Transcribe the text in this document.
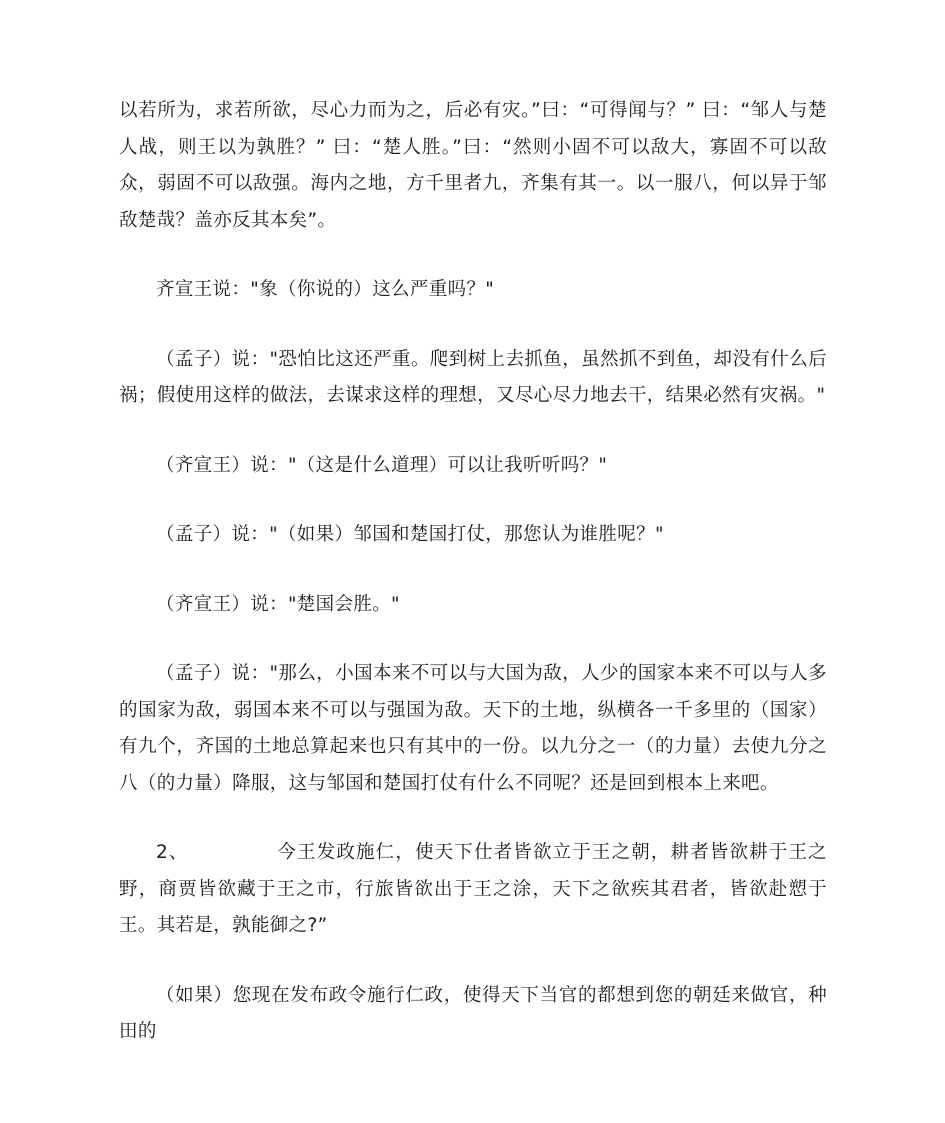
以若所为，求若所欲，尽心力而为之，后必有灾。”曰：“可得闻与？” 曰：“邹人与楚人战，则王以为孰胜？” 曰：“楚人胜。”曰：“然则小固不可以敌大，寡固不可以敌众，弱固不可以敌强。海内之地，方千里者九，齐集有其一。以一服八，何以异于邹敌楚哉？盖亦反其本矣”。

齐宣王说："象（你说的）这么严重吗？"

（孟子）说："恐怕比这还严重。爬到树上去抓鱼，虽然抓不到鱼，却没有什么后祸；假使用这样的做法，去谋求这样的理想，又尽心尽力地去干，结果必然有灾祸。"

（齐宣王）说："（这是什么道理）可以让我听听吗？"

（孟子）说："（如果）邹国和楚国打仗，那您认为谁胜呢？"

（齐宣王）说："楚国会胜。"

（孟子）说："那么，小国本来不可以与大国为敌，人少的国家本来不可以与人多的国家为敌，弱国本来不可以与强国为敌。天下的土地，纵横各一千多里的（国家）有九个，齐国的土地总算起来也只有其中的一份。以九分之一（的力量）去使九分之八（的力量）降服，这与邹国和楚国打仗有什么不同呢？还是回到根本上来吧。

2、	今王发政施仁，使天下仕者皆欲立于王之朝，耕者皆欲耕于王之野，商贾皆欲藏于王之市，行旅皆欲出于王之涂，天下之欲疾其君者，皆欲赴愬于王。其若是，孰能御之?”

（如果）您现在发布政令施行仁政，使得天下当官的都想到您的朝廷来做官，种田的
